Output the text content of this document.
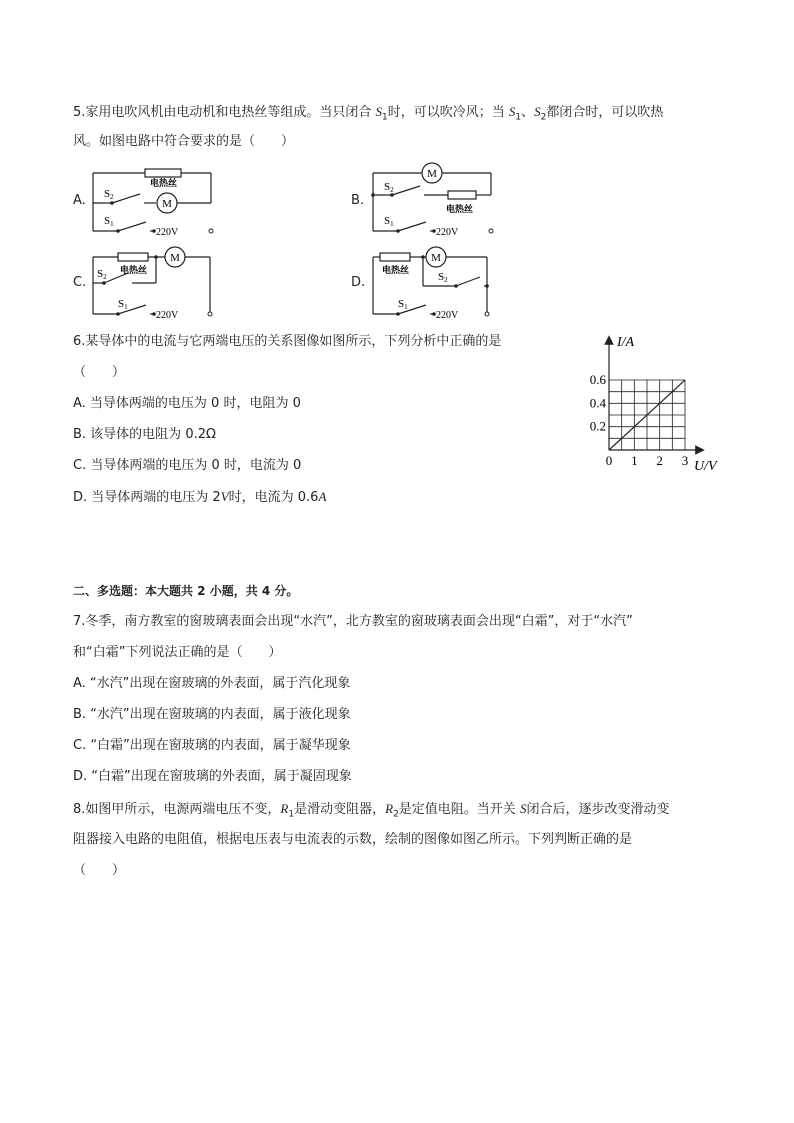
5.家用电吹风机由电动机和电热丝等组成。当只闭合 $S_1$时，可以吹冷风；当 $S_1$、$S_2$都闭合时，可以吹热
风。如图电路中符合要求的是（　　）
A.	B.
C.	D.
电热丝
M
S2
S1
220V
M
电热丝
S2
S1
220V
M
电热丝
S2
S1
220V
M
电热丝	S2
S1
220V
6.某导体中的电流与它两端电压的关系图像如图所示，下列分析中正确的是
（　　）
A. 当导体两端的电压为 0 时，电阻为 0
B. 该导体的电阻为 0.2Ω
C. 当导体两端的电压为 0 时，电流为 0
D. 当导体两端的电压为 2V时，电流为 0.6A
I/A
U/V
0 1 2 3
0.2
0.4
0.6
二、多选题：本大题共 2 小题，共 4 分。
7.冬季，南方教室的窗玻璃表面会出现“水汽”，北方教室的窗玻璃表面会出现“白霜”，对于“水汽”
和“白霜”下列说法正确的是（　　）
A. “水汽”出现在窗玻璃的外表面，属于汽化现象
B. “水汽”出现在窗玻璃的内表面，属于液化现象
C. “白霜”出现在窗玻璃的内表面，属于凝华现象
D. “白霜”出现在窗玻璃的外表面，属于凝固现象
8.如图甲所示，电源两端电压不变，$R_1$是滑动变阻器，$R_2$是定值电阻。当开关 S闭合后，逐步改变滑动变
阻器接入电路的电阻值，根据电压表与电流表的示数，绘制的图像如图乙所示。下列判断正确的是
（　　）
